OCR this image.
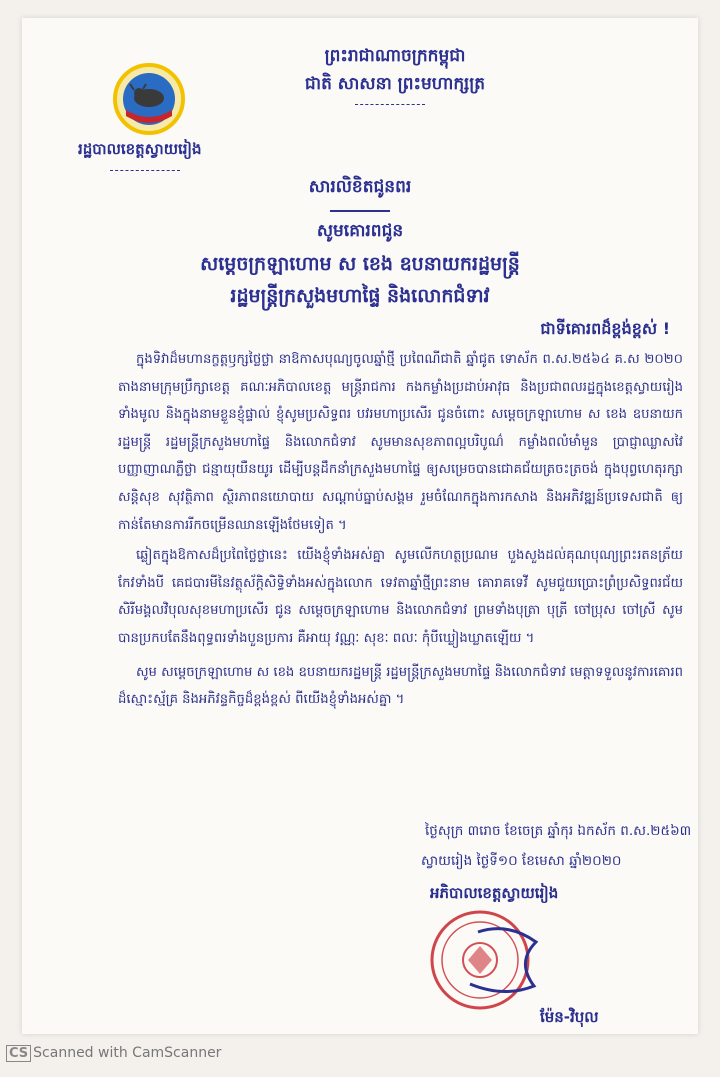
ព្រះរាជាណាចក្រកម្ពុជា
ជាតិ សាសនា ព្រះមហាក្សត្រ
រដ្ឋបាលខេត្តស្វាយរៀង
សារលិខិតជូនពរ
សូមគោរពជូន
សម្តេចក្រឡាហោម ស ខេង ឧបនាយករដ្ឋមន្ត្រី
រដ្ឋមន្ត្រីក្រសួងមហាផ្ទៃ និងលោកជំទាវ
ជាទីគោរពដ៏ខ្ពង់ខ្ពស់ !

ក្នុងទិវាដ៏មហានក្ខត្តឫក្សថ្លៃថ្លា នាឱកាសបុណ្យចូលឆ្នាំថ្មី ប្រពៃណីជាតិ ឆ្នាំជូត ទោស័ក ព.ស.២៥៦៤ គ.ស ២០២០ តាងនាមក្រុមប្រឹក្សាខេត្ត គណៈអភិបាលខេត្ត មន្ត្រីរាជការ កងកម្លាំងប្រដាប់អាវុធ និងប្រជាពលរដ្ឋក្នុងខេត្តស្វាយរៀងទាំងមូល និងក្នុងនាមខ្លួនខ្ញុំផ្ទាល់ ខ្ញុំសូមប្រសិទ្ធពរ បវរមហាប្រសើរ ជូនចំពោះ សម្តេចក្រឡាហោម ស ខេង ឧបនាយករដ្ឋមន្ត្រី រដ្ឋមន្ត្រីក្រសួងមហាផ្ទៃ និងលោកជំទាវ សូមមានសុខភាពល្អបរិបូណ៌ កម្លាំងពលំមាំមួន ប្រាជ្ញាឈ្លាសវៃ បញ្ញាញាណភ្លឺថ្លា ជន្មាយុយឺនយូរ ដើម្បីបន្តដឹកនាំក្រសួងមហាផ្ទៃ ឲ្យសម្រេចបានជោគជ័យត្រចះត្រចង់ ក្នុងបុព្វហេតុរក្សាសន្តិសុខ សុវត្ថិភាព ស្ថិរភាពនយោបាយ សណ្តាប់ធ្នាប់សង្គម រួមចំណែកក្នុងការកសាង និងអភិវឌ្ឍន៍ប្រទេសជាតិ ឲ្យកាន់តែមានការរីកចម្រើនឈានឡើងថែមទៀត ។

ឆ្លៀតក្នុងឱកាសដ៏ប្រពៃថ្លៃថ្លានេះ យើងខ្ញុំទាំងអស់គ្នា សូមលើកហត្ថប្រណម បួងសួងដល់គុណបុណ្យព្រះរតនត្រ័យ កែវទាំងបី គេជបារមីនៃវត្ថុស័ក្តិសិទ្ធិទាំងអស់ក្នុងលោក ទេវតាឆ្នាំថ្មីព្រះនាម គោរាគទេវី សូមជួយប្រោះព្រំប្រសិទ្ធពរជ័យ សិរីមង្គលវិបុលសុខមហាប្រសើរ ជូន សម្តេចក្រឡាហោម និងលោកជំទាវ ព្រមទាំងបុត្រា បុត្រី ចៅប្រុស ចៅស្រី សូមបានប្រកបតែនឹងពុទ្ធពរទាំងបួនប្រការ គឺអាយុ វណ្ណៈ សុខៈ ពលៈ កុំបីឃ្លៀងឃ្លាតឡើយ ។

សូម សម្តេចក្រឡាហោម ស ខេង ឧបនាយករដ្ឋមន្ត្រី រដ្ឋមន្ត្រីក្រសួងមហាផ្ទៃ និងលោកជំទាវ មេត្តាទទួលនូវការគោរពដ៏ស្មោះស្ម័គ្រ និងអភិវន្ទកិច្ចដ៏ខ្ពង់ខ្ពស់ ពីយើងខ្ញុំទាំងអស់គ្នា ។

ថ្ងៃសុក្រ ៣រោច ខែចេត្រ ឆ្នាំកុរ ឯកស័ក ព.ស.២៥៦៣
ស្វាយរៀង ថ្ងៃទី១០ ខែមេសា ឆ្នាំ២០២០
អភិបាលខេត្តស្វាយរៀង
ម៉ែន-វិបុល
CS Scanned with CamScanner
